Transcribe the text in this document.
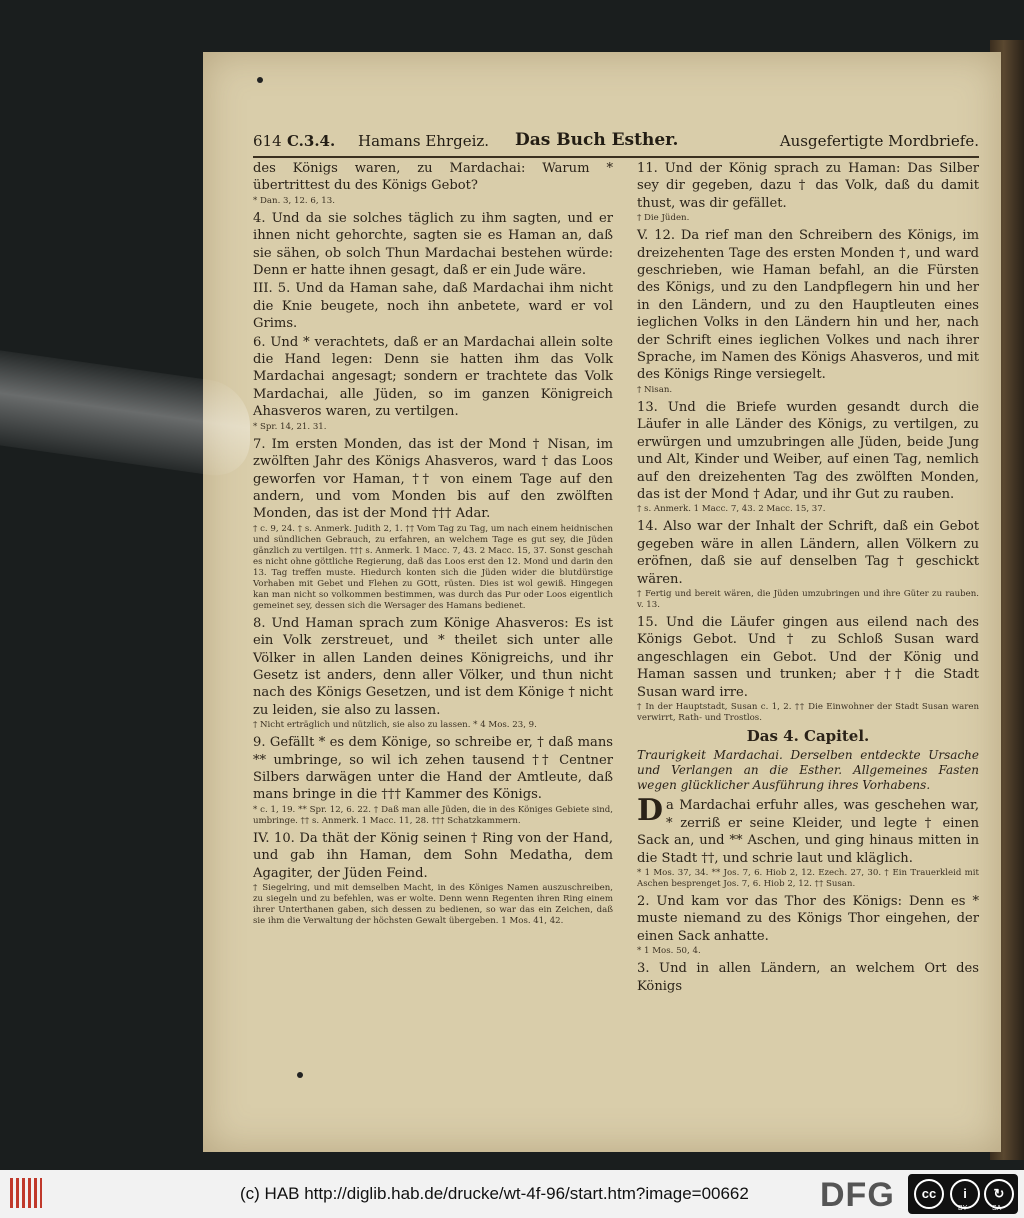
614 C.3.4. Hamans Ehrgeiz. Das Buch Esther.	Ausgefertigte Mordbriefe.

des Königs waren, zu Mardachai: Warum * übertrittest du des Königs Gebot?

* Dan. 3, 12. 6, 13.

4. Und da sie solches täglich zu ihm sagten, und er ihnen nicht gehorchte, sagten sie es Haman an, daß sie sähen, ob solch Thun Mardachai bestehen würde: Denn er hatte ihnen gesagt, daß er ein Jude wäre.

III. 5. Und da Haman sahe, daß Mardachai ihm nicht die Knie beugete, noch ihn anbetete, ward er vol Grims.

6. Und * verachtets, daß er an Mardachai allein solte die Hand legen: Denn sie hatten ihm das Volk Mardachai angesagt; sondern er trachtete das Volk Mardachai, alle Jüden, so im ganzen Königreich Ahasveros waren, zu vertilgen.

* Spr. 14, 21. 31.

7. Im ersten Monden, das ist der Mond † Nisan, im zwölften Jahr des Königs Ahasveros, ward † das Loos geworfen vor Haman, †† von einem Tage auf den andern, und vom Monden bis auf den zwölften Monden, das ist der Mond ††† Adar.

† c. 9, 24. † s. Anmerk. Judith 2, 1. †† Vom Tag zu Tag, um nach einem heidnischen und sündlichen Gebrauch, zu erfahren, an welchem Tage es gut sey, die Jüden gänzlich zu vertilgen. ††† s. Anmerk. 1 Macc. 7, 43. 2 Macc. 15, 37. Sonst geschah es nicht ohne göttliche Regierung, daß das Loos erst den 12. Mond und darin den 13. Tag treffen muste. Hiedurch konten sich die Jüden wider die blutdürstige Vorhaben mit Gebet und Flehen zu GOtt, rüsten. Dies ist wol gewiß. Hingegen kan man nicht so volkommen bestimmen, was durch das Pur oder Loos eigentlich gemeinet sey, dessen sich die Wersager des Hamans bedienet.

8. Und Haman sprach zum Könige Ahasveros: Es ist ein Volk zerstreuet, und * theilet sich unter alle Völker in allen Landen deines Königreichs, und ihr Gesetz ist anders, denn aller Völker, und thun nicht nach des Königs Gesetzen, und ist dem Könige † nicht zu leiden, sie also zu lassen.

† Nicht erträglich und nützlich, sie also zu lassen. * 4 Mos. 23, 9.

9. Gefällt * es dem Könige, so schreibe er, † daß mans ** umbringe, so wil ich zehen tausend †† Centner Silbers darwägen unter die Hand der Amtleute, daß mans bringe in die ††† Kammer des Königs.

* c. 1, 19. ** Spr. 12, 6. 22. † Daß man alle Jüden, die in des Königes Gebiete sind, umbringe. †† s. Anmerk. 1 Macc. 11, 28. ††† Schatzkammern.

IV. 10. Da thät der König seinen † Ring von der Hand, und gab ihn Haman, dem Sohn Medatha, dem Agagiter, der Jüden Feind.

† Siegelring, und mit demselben Macht, in des Königes Namen auszuschreiben, zu siegeln und zu befehlen, was er wolte. Denn wenn Regenten ihren Ring einem ihrer Unterthanen gaben, sich dessen zu bedienen, so war das ein Zeichen, daß sie ihm die Verwaltung der höchsten Gewalt übergeben. 1 Mos. 41, 42.

11. Und der König sprach zu Haman: Das Silber sey dir gegeben, dazu † das Volk, daß du damit thust, was dir gefället.

† Die Jüden.

V. 12. Da rief man den Schreibern des Königs, im dreizehenten Tage des ersten Monden †, und ward geschrieben, wie Haman befahl, an die Fürsten des Königs, und zu den Landpflegern hin und her in den Ländern, und zu den Hauptleuten eines ieglichen Volks in den Ländern hin und her, nach der Schrift eines ieglichen Volkes und nach ihrer Sprache, im Namen des Königs Ahasveros, und mit des Königs Ringe versiegelt.

† Nisan.

13. Und die Briefe wurden gesandt durch die Läufer in alle Länder des Königs, zu vertilgen, zu erwürgen und umzubringen alle Jüden, beide Jung und Alt, Kinder und Weiber, auf einen Tag, nemlich auf den dreizehenten Tag des zwölften Monden, das ist der Mond † Adar, und ihr Gut zu rauben.

† s. Anmerk. 1 Macc. 7, 43. 2 Macc. 15, 37.

14. Also war der Inhalt der Schrift, daß ein Gebot gegeben wäre in allen Ländern, allen Völkern zu eröfnen, daß sie auf denselben Tag † geschickt wären.

† Fertig und bereit wären, die Jüden umzubringen und ihre Güter zu rauben. v. 13.

15. Und die Läufer gingen aus eilend nach des Königs Gebot. Und † zu Schloß Susan ward angeschlagen ein Gebot. Und der König und Haman sassen und trunken; aber †† die Stadt Susan ward irre.

† In der Hauptstadt, Susan c. 1, 2. †† Die Einwohner der Stadt Susan waren verwirrt, Rath- und Trostlos.

Das 4. Capitel.

Traurigkeit Mardachai. Derselben entdeckte Ursache und Verlangen an die Esther. Allgemeines Fasten wegen glücklicher Ausführung ihres Vorhabens.

Da Mardachai erfuhr alles, was geschehen war, * zerriß er seine Kleider, und legte † einen Sack an, und ** Aschen, und ging hinaus mitten in die Stadt ††, und schrie laut und kläglich.

* 1 Mos. 37, 34. ** Jos. 7, 6. Hiob 2, 12. Ezech. 27, 30. † Ein Trauerkleid mit Aschen besprenget Jos. 7, 6. Hiob 2, 12. †† Susan.

2. Und kam vor das Thor des Königs: Denn es * muste niemand zu des Königs Thor eingehen, der einen Sack anhatte.

* 1 Mos. 50, 4.

3. Und in allen Ländern, an welchem Ort des Königs

(c) HAB http://diglib.hab.de/drucke/wt-4f-96/start.htm?image=00662 DFG	cc	i	↻
BY	SA
